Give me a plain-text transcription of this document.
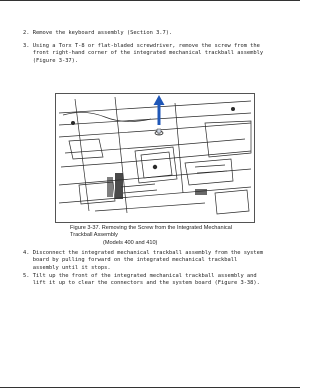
2. Remove the keyboard assembly (Section 3.7).
3. Using a Torx T-8 or flat-bladed screwdriver, remove the screw from the
front right-hand corner of the integrated mechanical trackball assembly
(Figure 3-37).
Figure 3-37. Removing the Screw from the Integrated Mechanical Trackball Assembly
(Models 400 and 410)
4. Disconnect the integrated mechanical trackball assembly from the system
board by pulling forward on the integrated mechanical trackball
assembly until it stops.
5. Tilt up the front of the integrated mechanical trackball assembly and
lift it up to clear the connectors and the system board (Figure 3-38).
